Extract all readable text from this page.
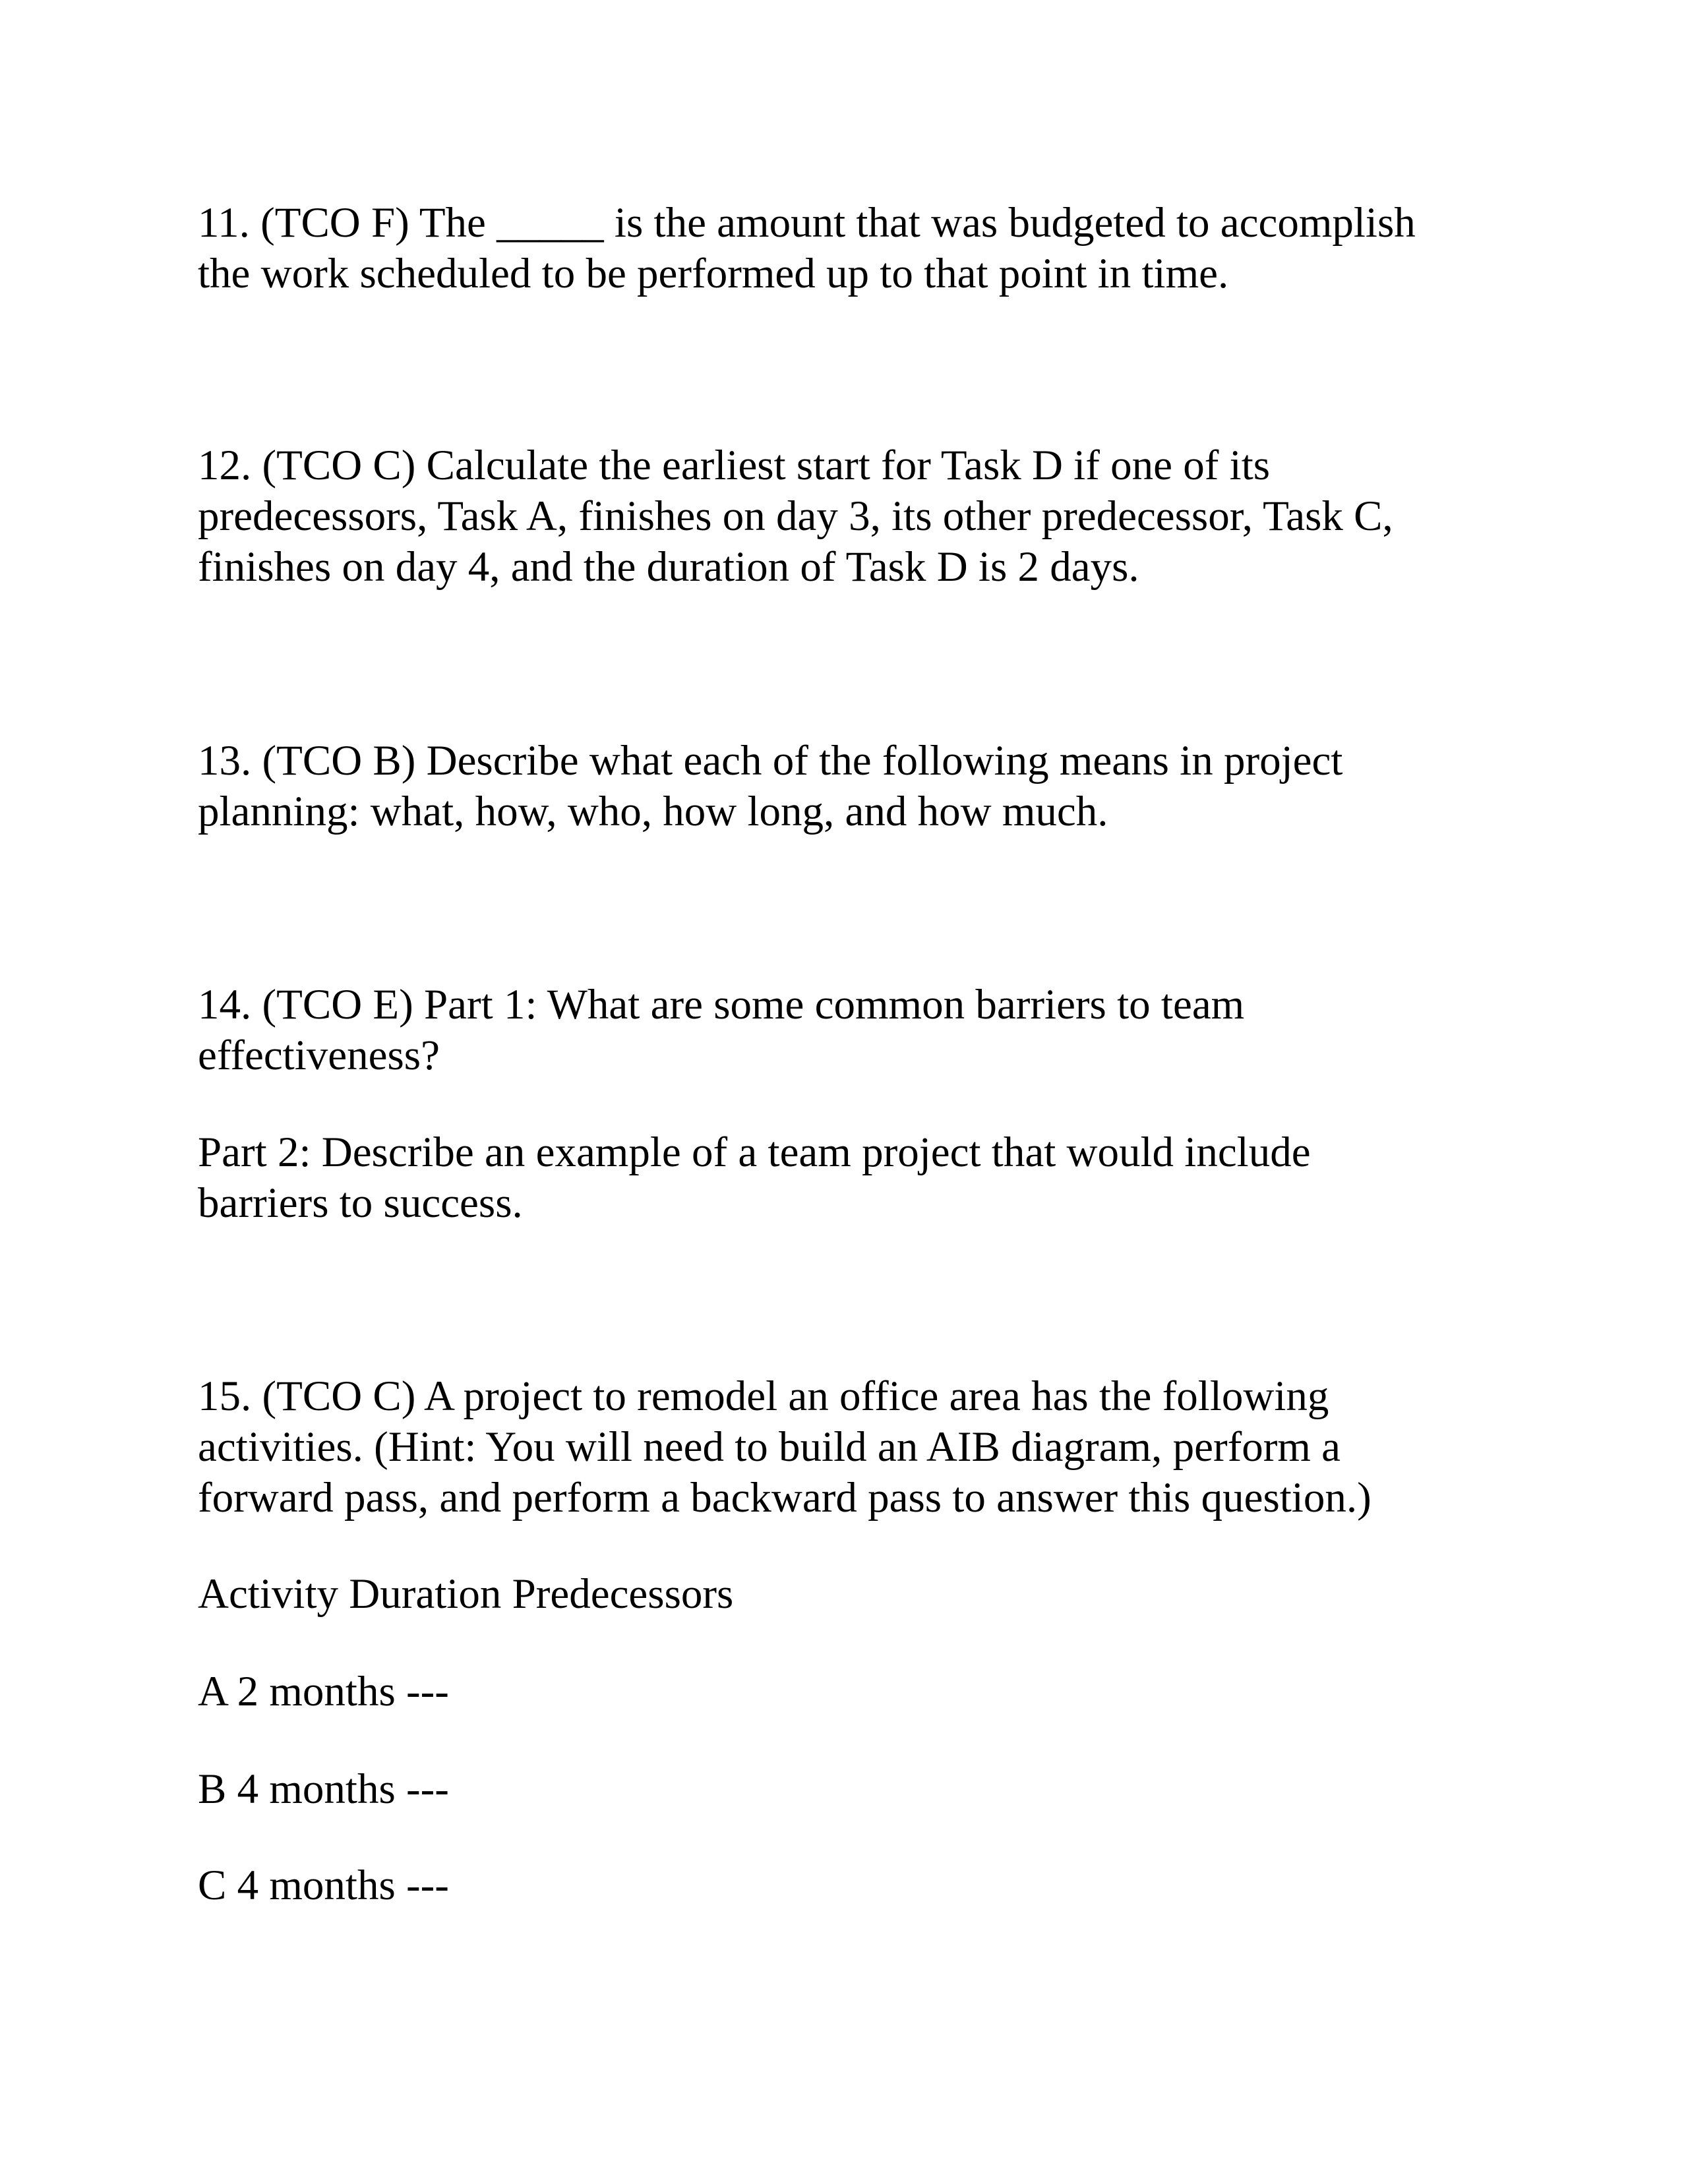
11. (TCO F) The _____ is the amount that was budgeted to accomplish
the work scheduled to be performed up to that point in time.

12. (TCO C) Calculate the earliest start for Task D if one of its
predecessors, Task A, finishes on day 3, its other predecessor, Task C,
finishes on day 4, and the duration of Task D is 2 days.

13. (TCO B) Describe what each of the following means in project
planning: what, how, who, how long, and how much.

14. (TCO E) Part 1: What are some common barriers to team
effectiveness?

Part 2: Describe an example of a team project that would include
barriers to success.

15. (TCO C) A project to remodel an office area has the following
activities. (Hint: You will need to build an AIB diagram, perform a
forward pass, and perform a backward pass to answer this question.)

Activity Duration Predecessors

A 2 months ---

B 4 months ---

C 4 months ---
